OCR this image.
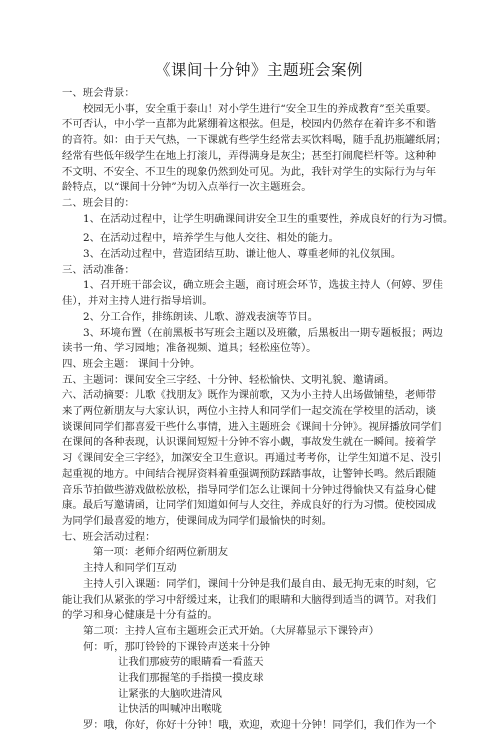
《课间十分钟》主题班会案例
一、班会背景：
校园无小事，安全重于泰山！对小学生进行“安全卫生的养成教育”至关重要。
不可否认，中小学一直都为此紧绷着这根弦。但是，校园内仍然存在着许多不和谐
的音符。如：由于天气热，一下课就有些学生经常去买饮料喝，随手乱扔瓶罐纸屑；
经常有些低年级学生在地上打滚儿，弄得满身是灰尘；甚至打闹爬栏杆等。这种种
不文明、不安全、不卫生的现象仍然到处可见。为此，我针对学生的实际行为与年
龄特点，以“课间十分钟”为切入点举行一次主题班会。
二、班会目的：
1、在活动过程中，让学生明确课间讲安全卫生的重要性，养成良好的行为习惯。
2、在活动过程中，培养学生与他人交往、相处的能力。
3、在活动过程中，营造团结互助、谦让他人、尊重老师的礼仪氛围。
三、活动准备：
1、召开班干部会议，确立班会主题，商讨班会环节，选拔主持人（何婷、罗佳
佳），并对主持人进行指导培训。
2、分工合作，排练朗读、儿歌、游戏表演等节目。
3、环境布置（在前黑板书写班会主题以及班徽，后黑板出一期专题板报；两边
读书一角、学习园地；准备视频、道具；轻松座位等）。
四、班会主题： 课间十分钟。
五、主题词：课间安全三字经、十分钟、轻松愉快、文明礼貌、邀请函。
六、活动摘要：儿歌《找朋友》既作为课前歌，又为小主持人出场做铺垫，老师带
来了两位新朋友与大家认识，两位小主持人和同学们一起交流在学校里的活动，谈
谈课间同学们都喜爱干些什么事情，进入主题班会《课间十分钟》。视屏播放同学们
在课间的各种表现，认识课间短短十分钟不容小觑，事故发生就在一瞬间。接着学
习《课间安全三字经》，加深安全卫生意识。再通过考考你，让学生知道不足、没引
起重视的地方。中间结合视屏资料着重强调预防踩踏事故，让警钟长鸣。然后跟随
音乐节拍做些游戏做松放松，指导同学们怎么让课间十分钟过得愉快又有益身心健
康。最后写邀请函，让同学们知道如何与人交往，养成良好的行为习惯。使校园成
为同学们最喜爱的地方，使课间成为同学们最愉快的时刻。
七、班会活动过程：
第一项：老师介绍两位新朋友
主持人和同学们互动
主持人引入课题：同学们，课间十分钟是我们最自由、最无拘无束的时刻，它
能让我们从紧张的学习中舒缓过来，让我们的眼睛和大脑得到适当的调节。对我们
的学习和身心健康是十分有益的。
第二项：主持人宣布主题班会正式开始。（大屏幕显示下课铃声）
何：听，那叮铃铃的下课铃声送来十分钟
让我们那疲劳的眼睛看一看蓝天
让我们那握笔的手指摸一摸皮球
让紧张的大脑吹进清风
让快活的叫喊冲出喉咙
罗：哦，你好，你好十分钟！哦，欢迎，欢迎十分钟！同学们，我们作为一个
